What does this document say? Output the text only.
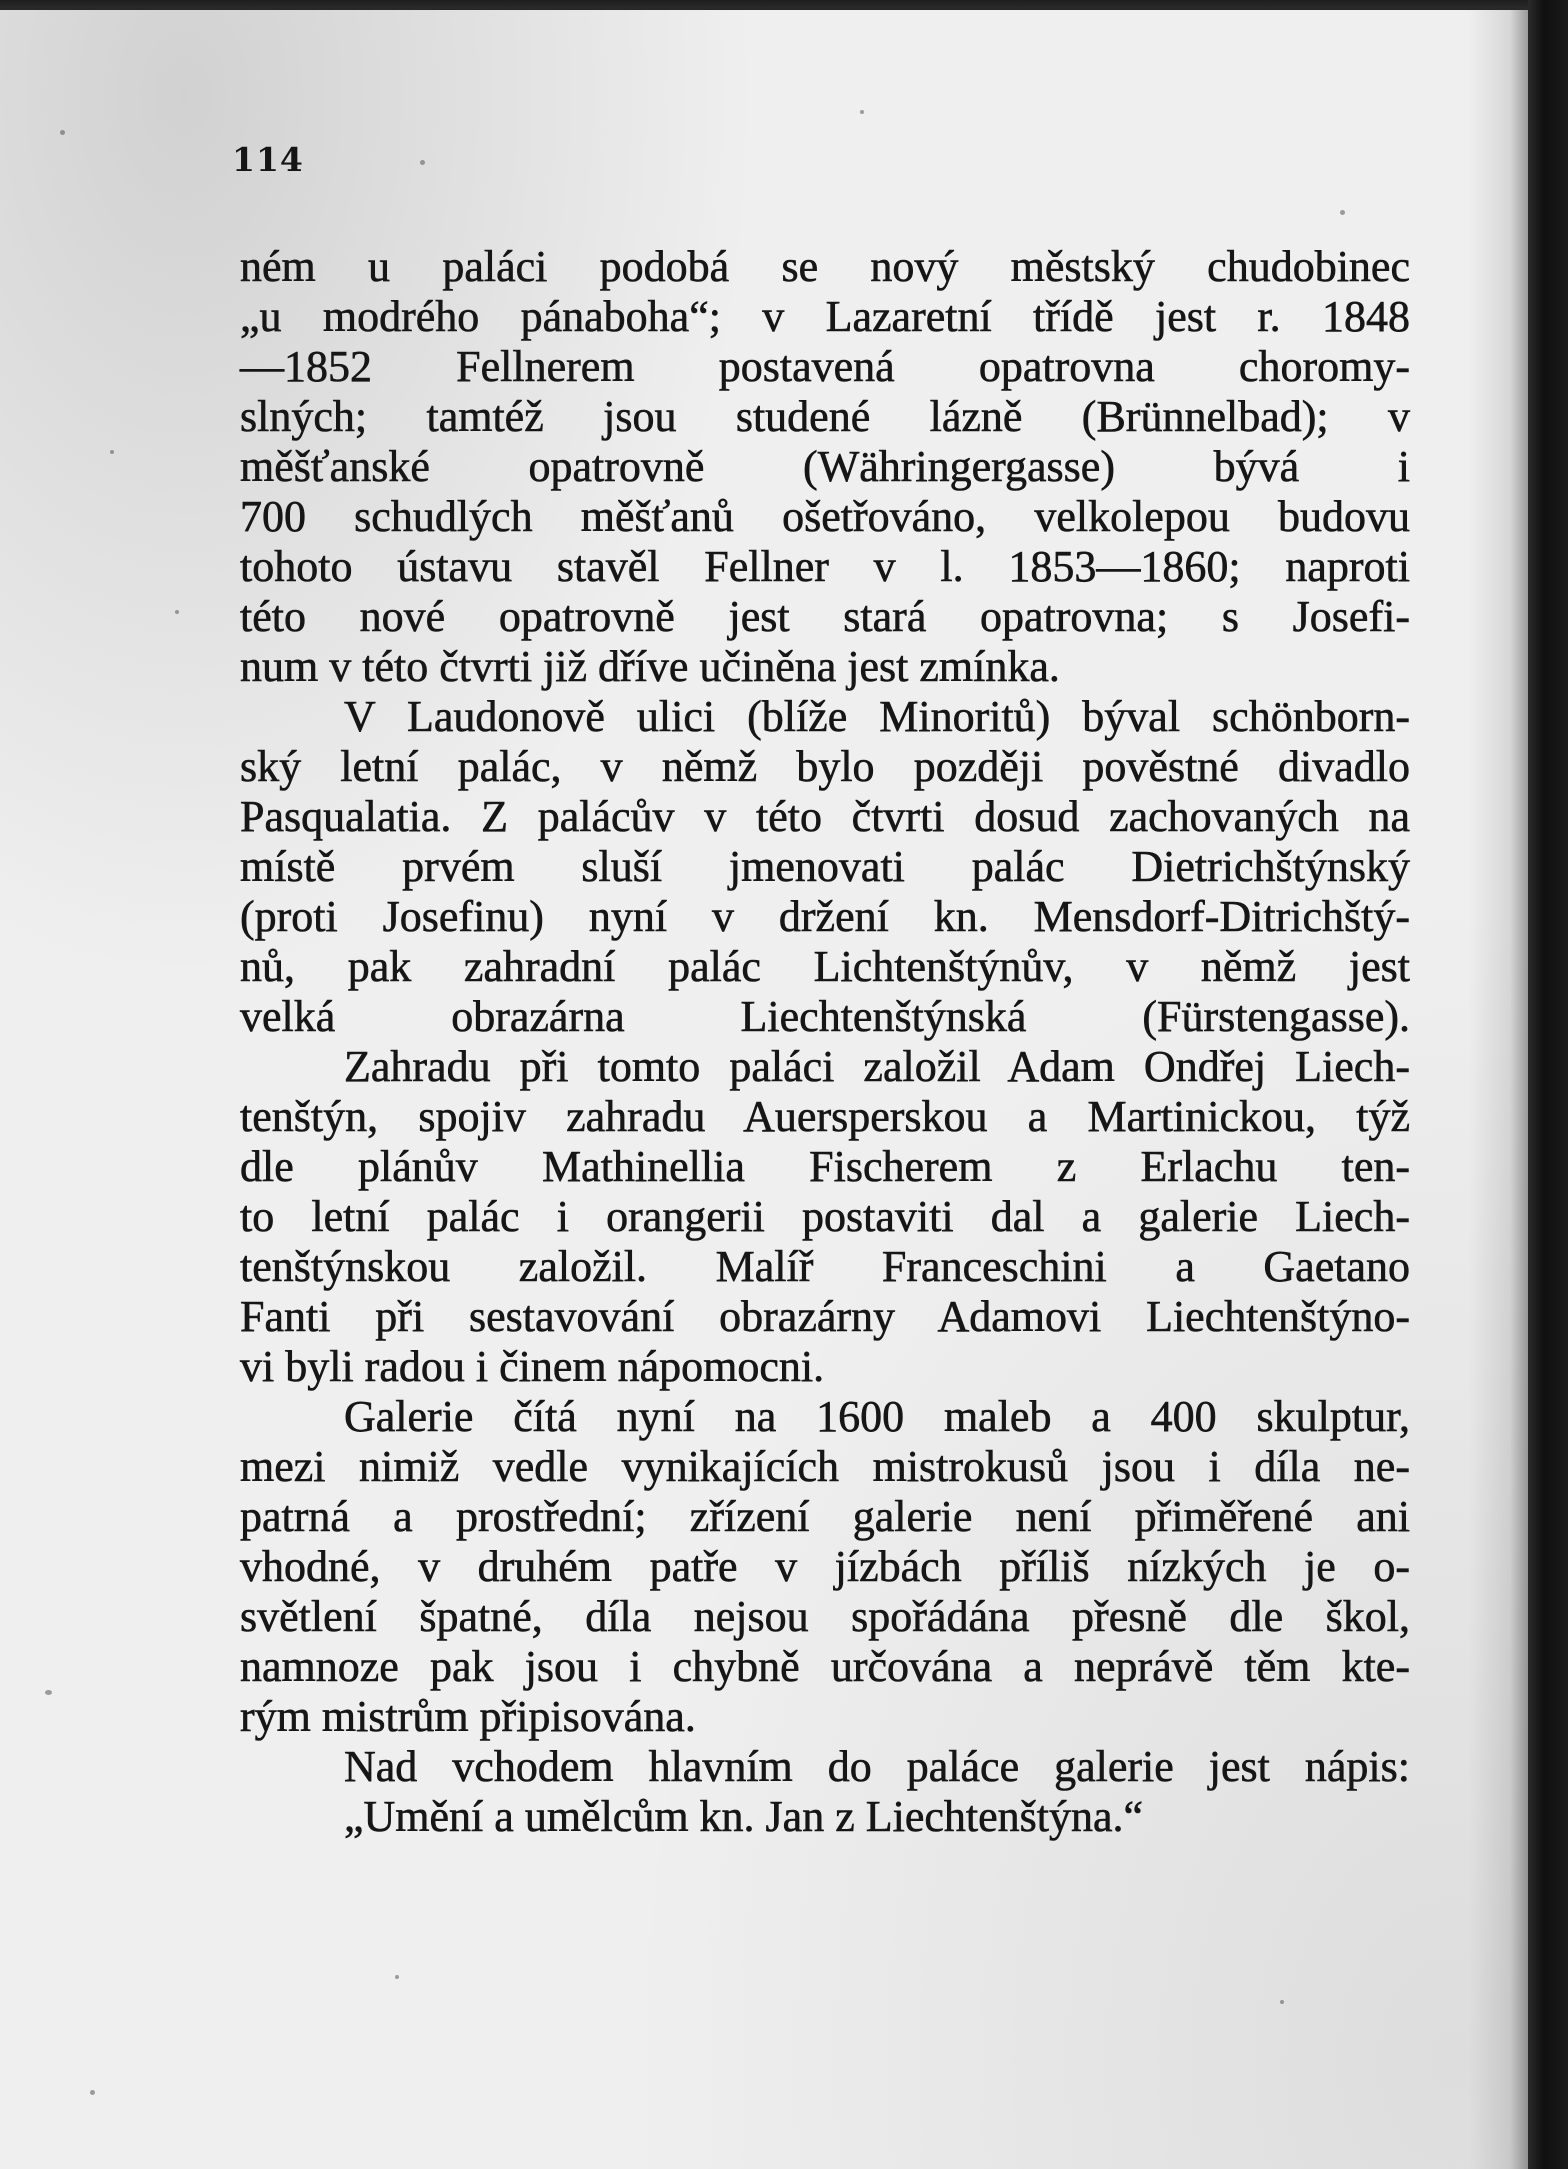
114
ném u paláci podobá se nový městský chudobinec
„u modrého pánaboha“; v Lazaretní třídě jest r. 1848
—1852 Fellnerem postavená opatrovna choromy-
slných; tamtéž jsou studené lázně (Brünnelbad); v
měšťanské opatrovně (Währingergasse) bývá i
700 schudlých měšťanů ošetřováno, velkolepou budovu
tohoto ústavu stavěl Fellner v l. 1853—1860; naproti
této nové opatrovně jest stará opatrovna; s Josefi-
num v této čtvrti již dříve učiněna jest zmínka.
V Laudonově ulici (blíže Minoritů) býval schönborn-
ský letní palác, v němž bylo později pověstné divadlo
Pasqualatia. Z palácův v této čtvrti dosud zachovaných na
místě prvém sluší jmenovati palác Dietrichštýnský
(proti Josefinu) nyní v držení kn. Mensdorf-Ditrichštý-
nů, pak zahradní palác Lichtenštýnův, v němž jest
velká obrazárna Liechtenštýnská (Fürstengasse).
Zahradu při tomto paláci založil Adam Ondřej Liech-
tenštýn, spojiv zahradu Auersperskou a Martinickou, týž
dle plánův Mathinellia Fischerem z Erlachu ten-
to letní palác i orangerii postaviti dal a galerie Liech-
tenštýnskou založil. Malíř Franceschini a Gaetano
Fanti při sestavování obrazárny Adamovi Liechtenštýno-
vi byli radou i činem nápomocni.
Galerie čítá nyní na 1600 maleb a 400 skulptur,
mezi nimiž vedle vynikajících mistrokusů jsou i díla ne-
patrná a prostřední; zřízení galerie není přiměřené ani
vhodné, v druhém patře v jízbách příliš nízkých je o-
světlení špatné, díla nejsou spořádána přesně dle škol,
namnoze pak jsou i chybně určována a neprávě těm kte-
rým mistrům připisována.
Nad vchodem hlavním do paláce galerie jest nápis:
„Umění a umělcům kn. Jan z Liechtenštýna.“
